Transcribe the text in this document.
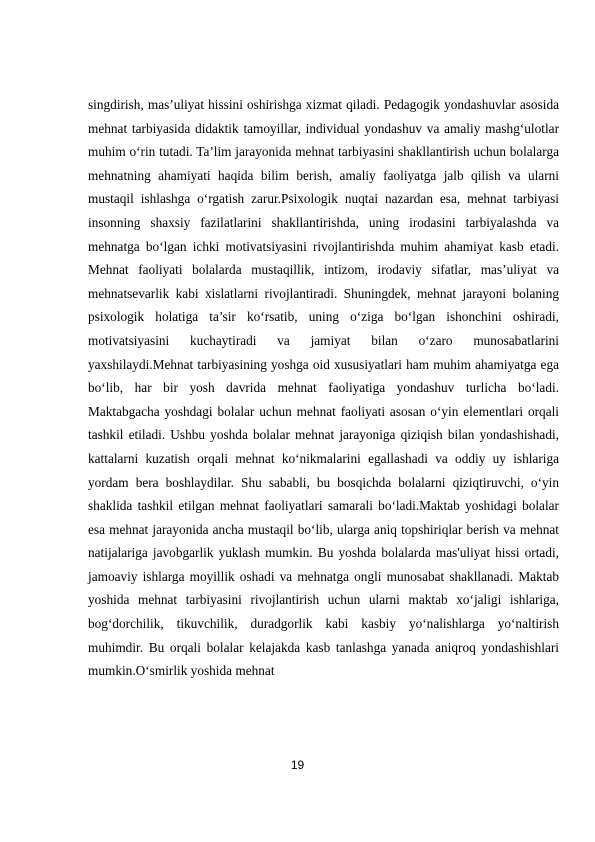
singdirish, mas’uliyat hissini oshirishga xizmat qiladi. Pedagogik yondashuvlar asosida mehnat tarbiyasida didaktik tamoyillar, individual yondashuv va amaliy mashg‘ulotlar muhim o‘rin tutadi. Ta’lim jarayonida mehnat tarbiyasini shakllantirish uchun bolalarga mehnatning ahamiyati haqida bilim berish, amaliy faoliyatga jalb qilish va ularni mustaqil ishlashga o‘rgatish zarur.Psixologik nuqtai nazardan esa, mehnat tarbiyasi insonning shaxsiy fazilatlarini shakllantirishda, uning irodasini tarbiyalashda va mehnatga bo‘lgan ichki motivatsiyasini rivojlantirishda muhim ahamiyat kasb etadi. Mehnat faoliyati bolalarda mustaqillik, intizom, irodaviy sifatlar, mas’uliyat va mehnatsevarlik kabi xislatlarni rivojlantiradi. Shuningdek, mehnat jarayoni bolaning psixologik holatiga ta’sir ko‘rsatib, uning o‘ziga bo‘lgan ishonchini oshiradi, motivatsiyasini kuchaytiradi va jamiyat bilan o‘zaro munosabatlarini yaxshilaydi.Mehnat tarbiyasining yoshga oid xususiyatlari ham muhim ahamiyatga ega bo‘lib, har bir yosh davrida mehnat faoliyatiga yondashuv turlicha bo‘ladi. Maktabgacha yoshdagi bolalar uchun mehnat faoliyati asosan o‘yin elementlari orqali tashkil etiladi. Ushbu yoshda bolalar mehnat jarayoniga qiziqish bilan yondashishadi, kattalarni kuzatish orqali mehnat ko‘nikmalarini egallashadi va oddiy uy ishlariga yordam bera boshlaydilar. Shu sababli, bu bosqichda bolalarni qiziqtiruvchi, o‘yin shaklida tashkil etilgan mehnat faoliyatlari samarali bo‘ladi.Maktab yoshidagi bolalar esa mehnat jarayonida ancha mustaqil bo‘lib, ularga aniq topshiriqlar berish va mehnat natijalariga javobgarlik yuklash mumkin. Bu yoshda bolalarda mas'uliyat hissi ortadi, jamoaviy ishlarga moyillik oshadi va mehnatga ongli munosabat shakllanadi. Maktab yoshida mehnat tarbiyasini rivojlantirish uchun ularni maktab xo‘jaligi ishlariga, bog‘dorchilik, tikuvchilik, duradgorlik kabi kasbiy yo‘nalishlarga yo‘naltirish muhimdir. Bu orqali bolalar kelajakda kasb tanlashga yanada aniqroq yondashishlari mumkin.O‘smirlik yoshida mehnat

19
